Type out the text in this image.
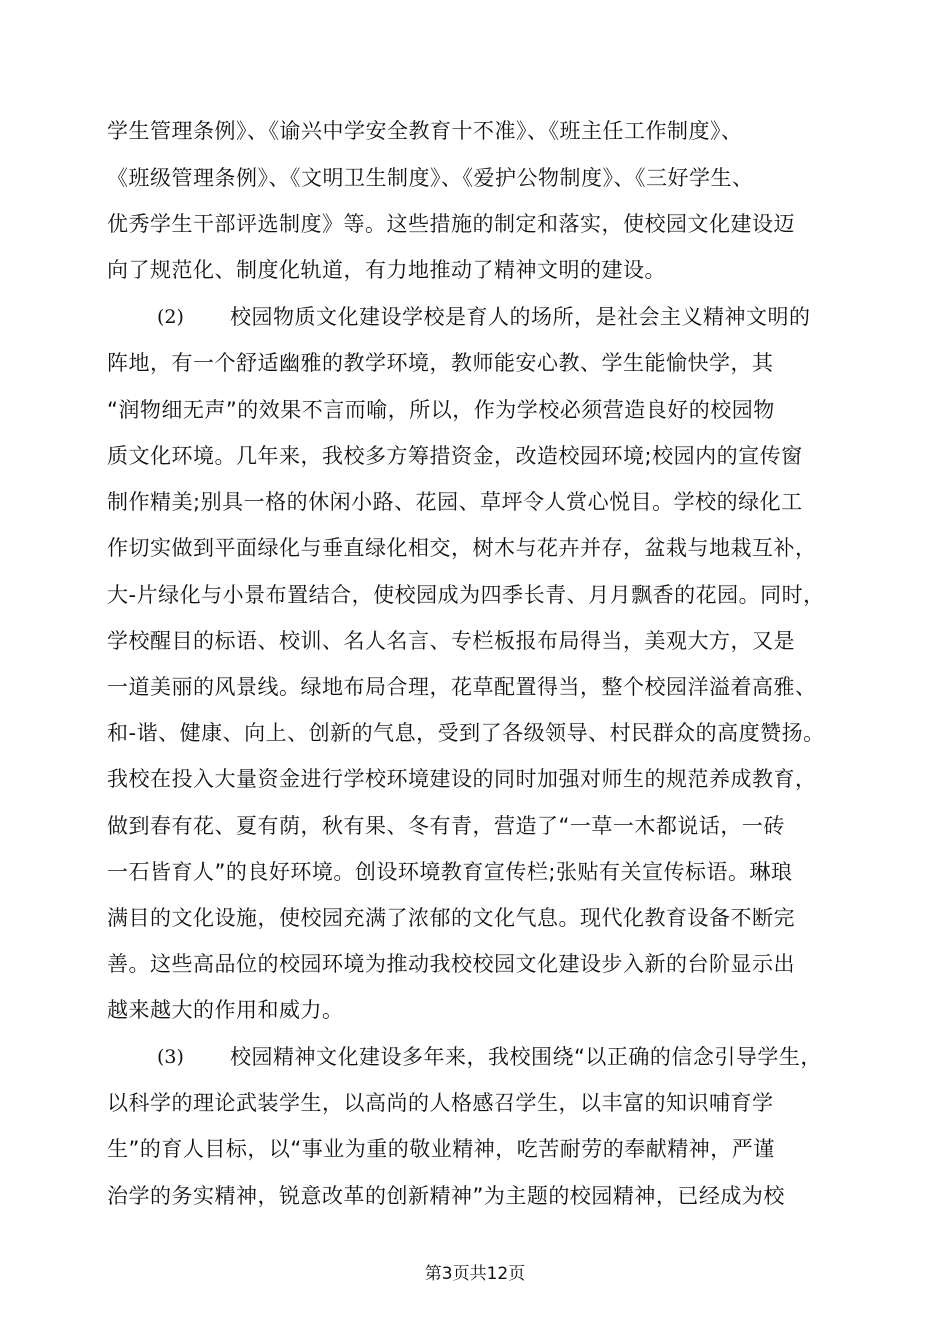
学生管理条例》、《谕兴中学安全教育十不准》、《班主任工作制度》、
《班级管理条例》、《文明卫生制度》、《爱护公物制度》、《三好学生、
优秀学生干部评选制度》等。这些措施的制定和落实，使校园文化建设迈
向了规范化、制度化轨道，有力地推动了精神文明的建设。
(2) 校园物质文化建设学校是育人的场所，是社会主义精神文明的
阵地，有一个舒适幽雅的教学环境，教师能安心教、学生能愉快学，其
“润物细无声”的效果不言而喻，所以，作为学校必须营造良好的校园物
质文化环境。几年来，我校多方筹措资金，改造校园环境;校园内的宣传窗
制作精美;别具一格的休闲小路、花园、草坪令人赏心悦目。学校的绿化工
作切实做到平面绿化与垂直绿化相交，树木与花卉并存，盆栽与地栽互补，
大-片绿化与小景布置结合，使校园成为四季长青、月月飘香的花园。同时，
学校醒目的标语、校训、名人名言、专栏板报布局得当，美观大方，又是
一道美丽的风景线。绿地布局合理，花草配置得当，整个校园洋溢着高雅、
和-谐、健康、向上、创新的气息，受到了各级领导、村民群众的高度赞扬。
我校在投入大量资金进行学校环境建设的同时加强对师生的规范养成教育，
做到春有花、夏有荫，秋有果、冬有青，营造了“一草一木都说话，一砖
一石皆育人”的良好环境。创设环境教育宣传栏;张贴有关宣传标语。琳琅
满目的文化设施，使校园充满了浓郁的文化气息。现代化教育设备不断完
善。这些高品位的校园环境为推动我校校园文化建设步入新的台阶显示出
越来越大的作用和威力。
(3) 校园精神文化建设多年来，我校围绕“以正确的信念引导学生，
以科学的理论武装学生，以高尚的人格感召学生，以丰富的知识哺育学
生”的育人目标，以“事业为重的敬业精神，吃苦耐劳的奉献精神，严谨
治学的务实精神，锐意改革的创新精神”为主题的校园精神，已经成为校
第3页共12页
